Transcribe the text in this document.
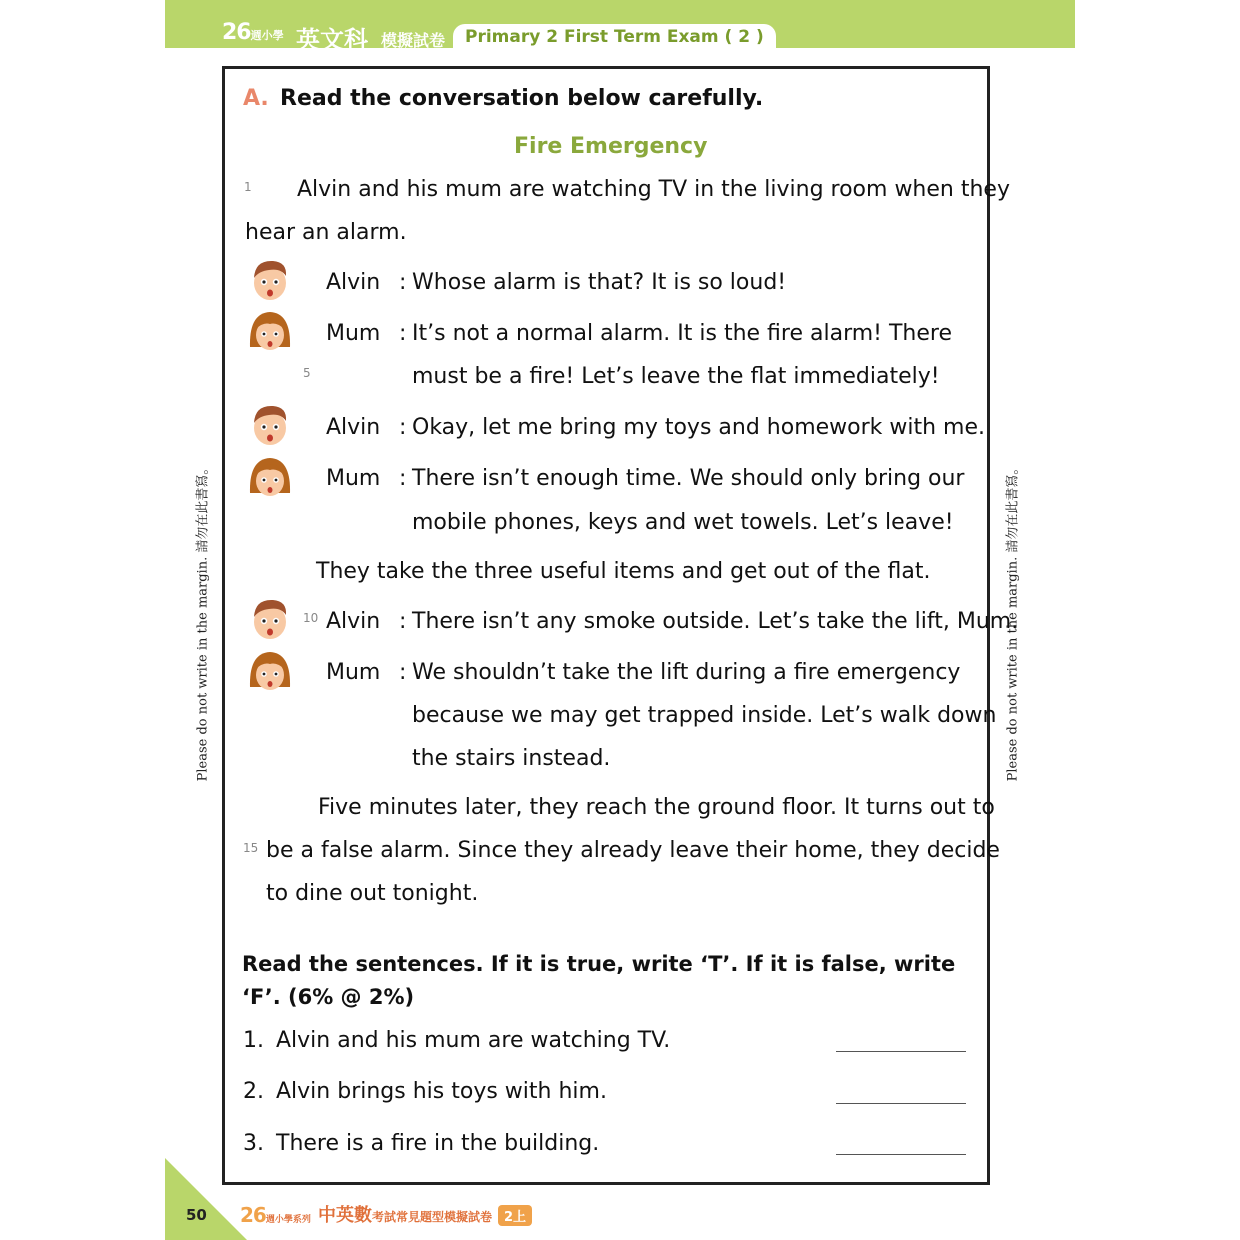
26週小學 英文科 模擬試卷	Primary 2 First Term Exam ( 2 )
Please do not write in the margin. 請勿在此書寫。	Please do not write in the margin. 請勿在此書寫。
A. Read the conversation below carefully.
Fire Emergency
1 Alvin and his mum are watching TV in the living room when they
hear an alarm.
Alvin : Whose alarm is that? It is so loud!
Mum : It’s not a normal alarm. It is the fire alarm! There
5	must be a fire! Let’s leave the flat immediately!
Alvin : Okay, let me bring my toys and homework with me.
Mum : There isn’t enough time. We should only bring our
mobile phones, keys and wet towels. Let’s leave!
They take the three useful items and get out of the flat.
10 Alvin : There isn’t any smoke outside. Let’s take the lift, Mum.
Mum : We shouldn’t take the lift during a fire emergency
because we may get trapped inside. Let’s walk down
the stairs instead.
Five minutes later, they reach the ground floor. It turns out to
15 be a false alarm. Since they already leave their home, they decide
to dine out tonight.
Read the sentences. If it is true, write ‘T’. If it is false, write
‘F’. (6% @ 2%)
1. Alvin and his mum are watching TV.
2. Alvin brings his toys with him.
3. There is a fire in the building.
50 26週小學系列 中英數考試常見題型模擬試卷 2上
